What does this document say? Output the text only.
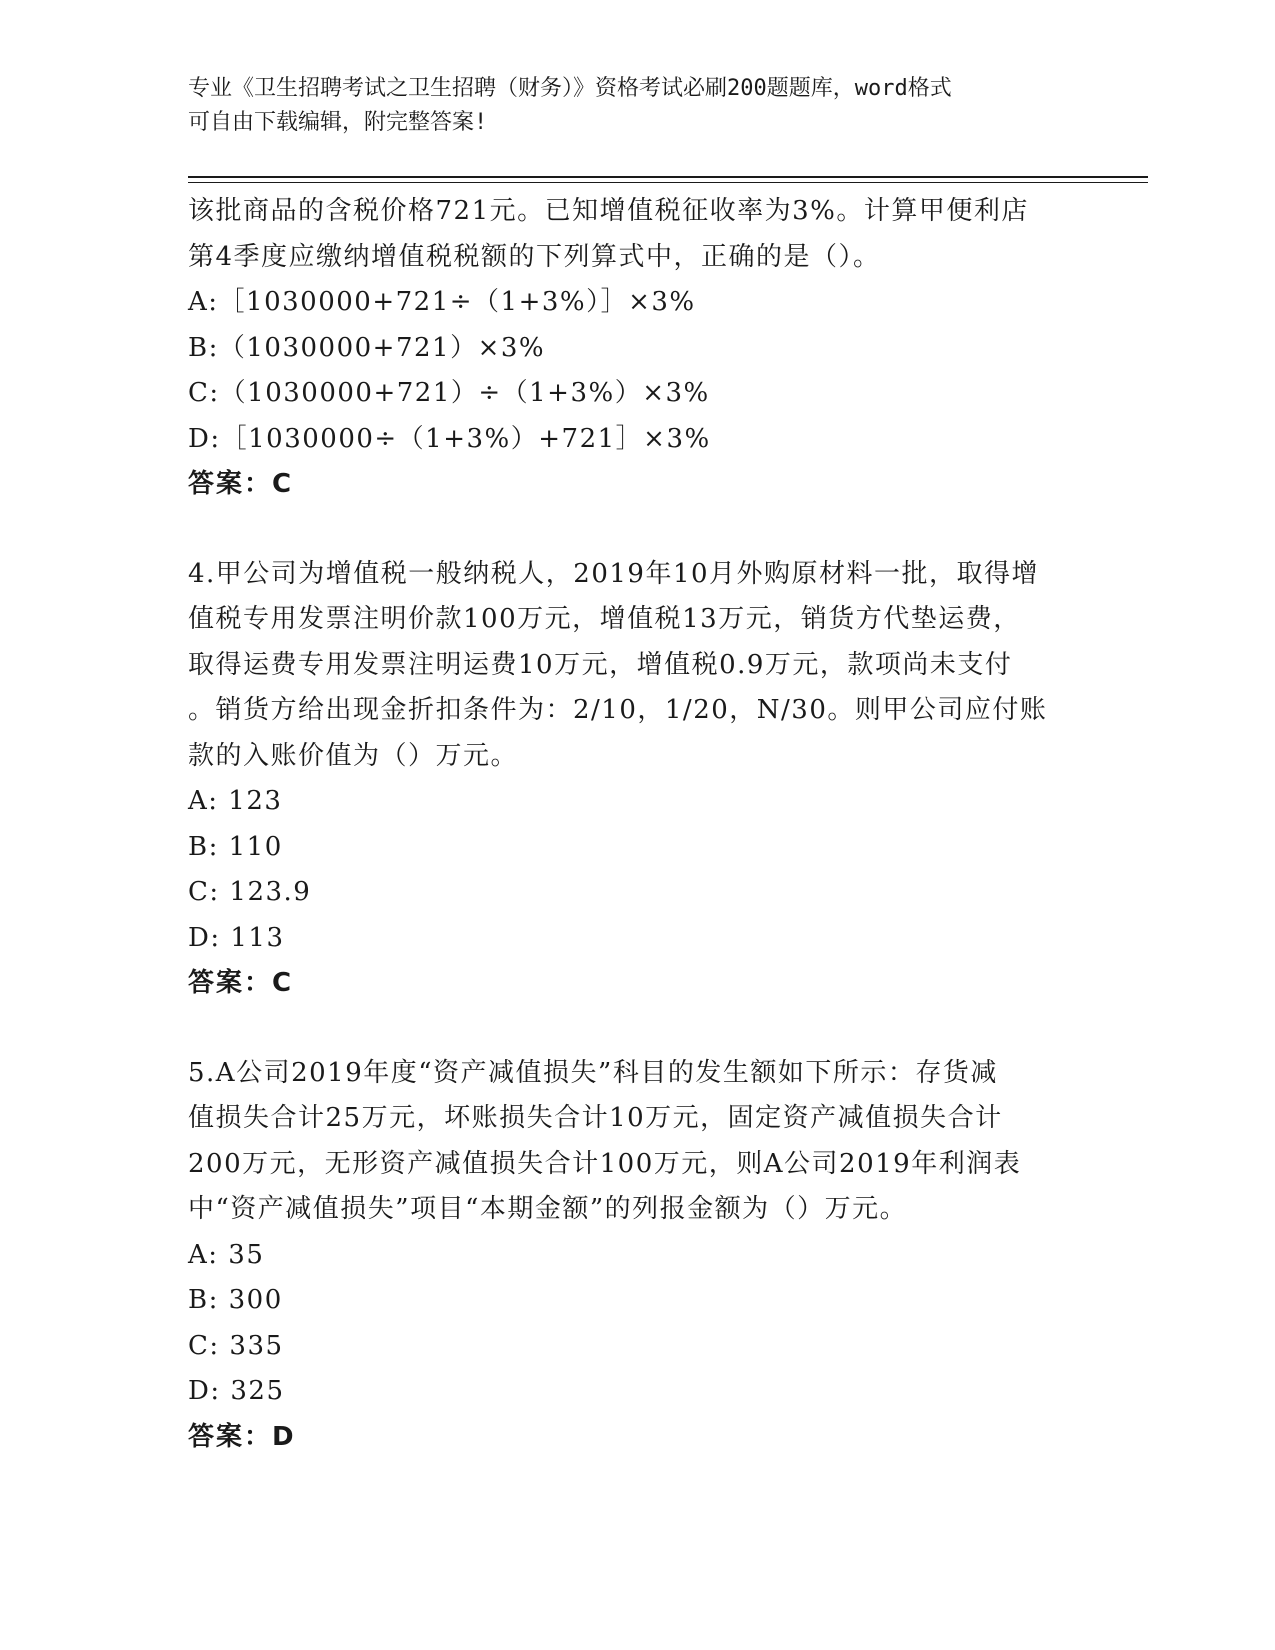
专业《卫生招聘考试之卫生招聘（财务）》资格考试必刷200题题库，word格式
可自由下载编辑，附完整答案!
该批商品的含税价格721元。已知增值税征收率为3%。计算甲便利店
第4季度应缴纳增值税税额的下列算式中，正确的是（）。
A:［1030000+721÷（1+3%）］×3%
B:（1030000+721）×3%
C:（1030000+721）÷（1+3%）×3%
D:［1030000÷（1+3%）+721］×3%
答案：C
4.甲公司为增值税一般纳税人，2019年10月外购原材料一批，取得增
值税专用发票注明价款100万元，增值税13万元，销货方代垫运费，
取得运费专用发票注明运费10万元，增值税0.9万元，款项尚未支付
。销货方给出现金折扣条件为：2/10，1/20，N/30。则甲公司应付账
款的入账价值为（）万元。
A: 123
B: 110
C: 123.9
D: 113
答案：C
5.A公司2019年度“资产减值损失”科目的发生额如下所示：存货减
值损失合计25万元，坏账损失合计10万元，固定资产减值损失合计
200万元，无形资产减值损失合计100万元，则A公司2019年利润表
中“资产减值损失”项目“本期金额”的列报金额为（）万元。
A: 35
B: 300
C: 335
D: 325
答案：D
